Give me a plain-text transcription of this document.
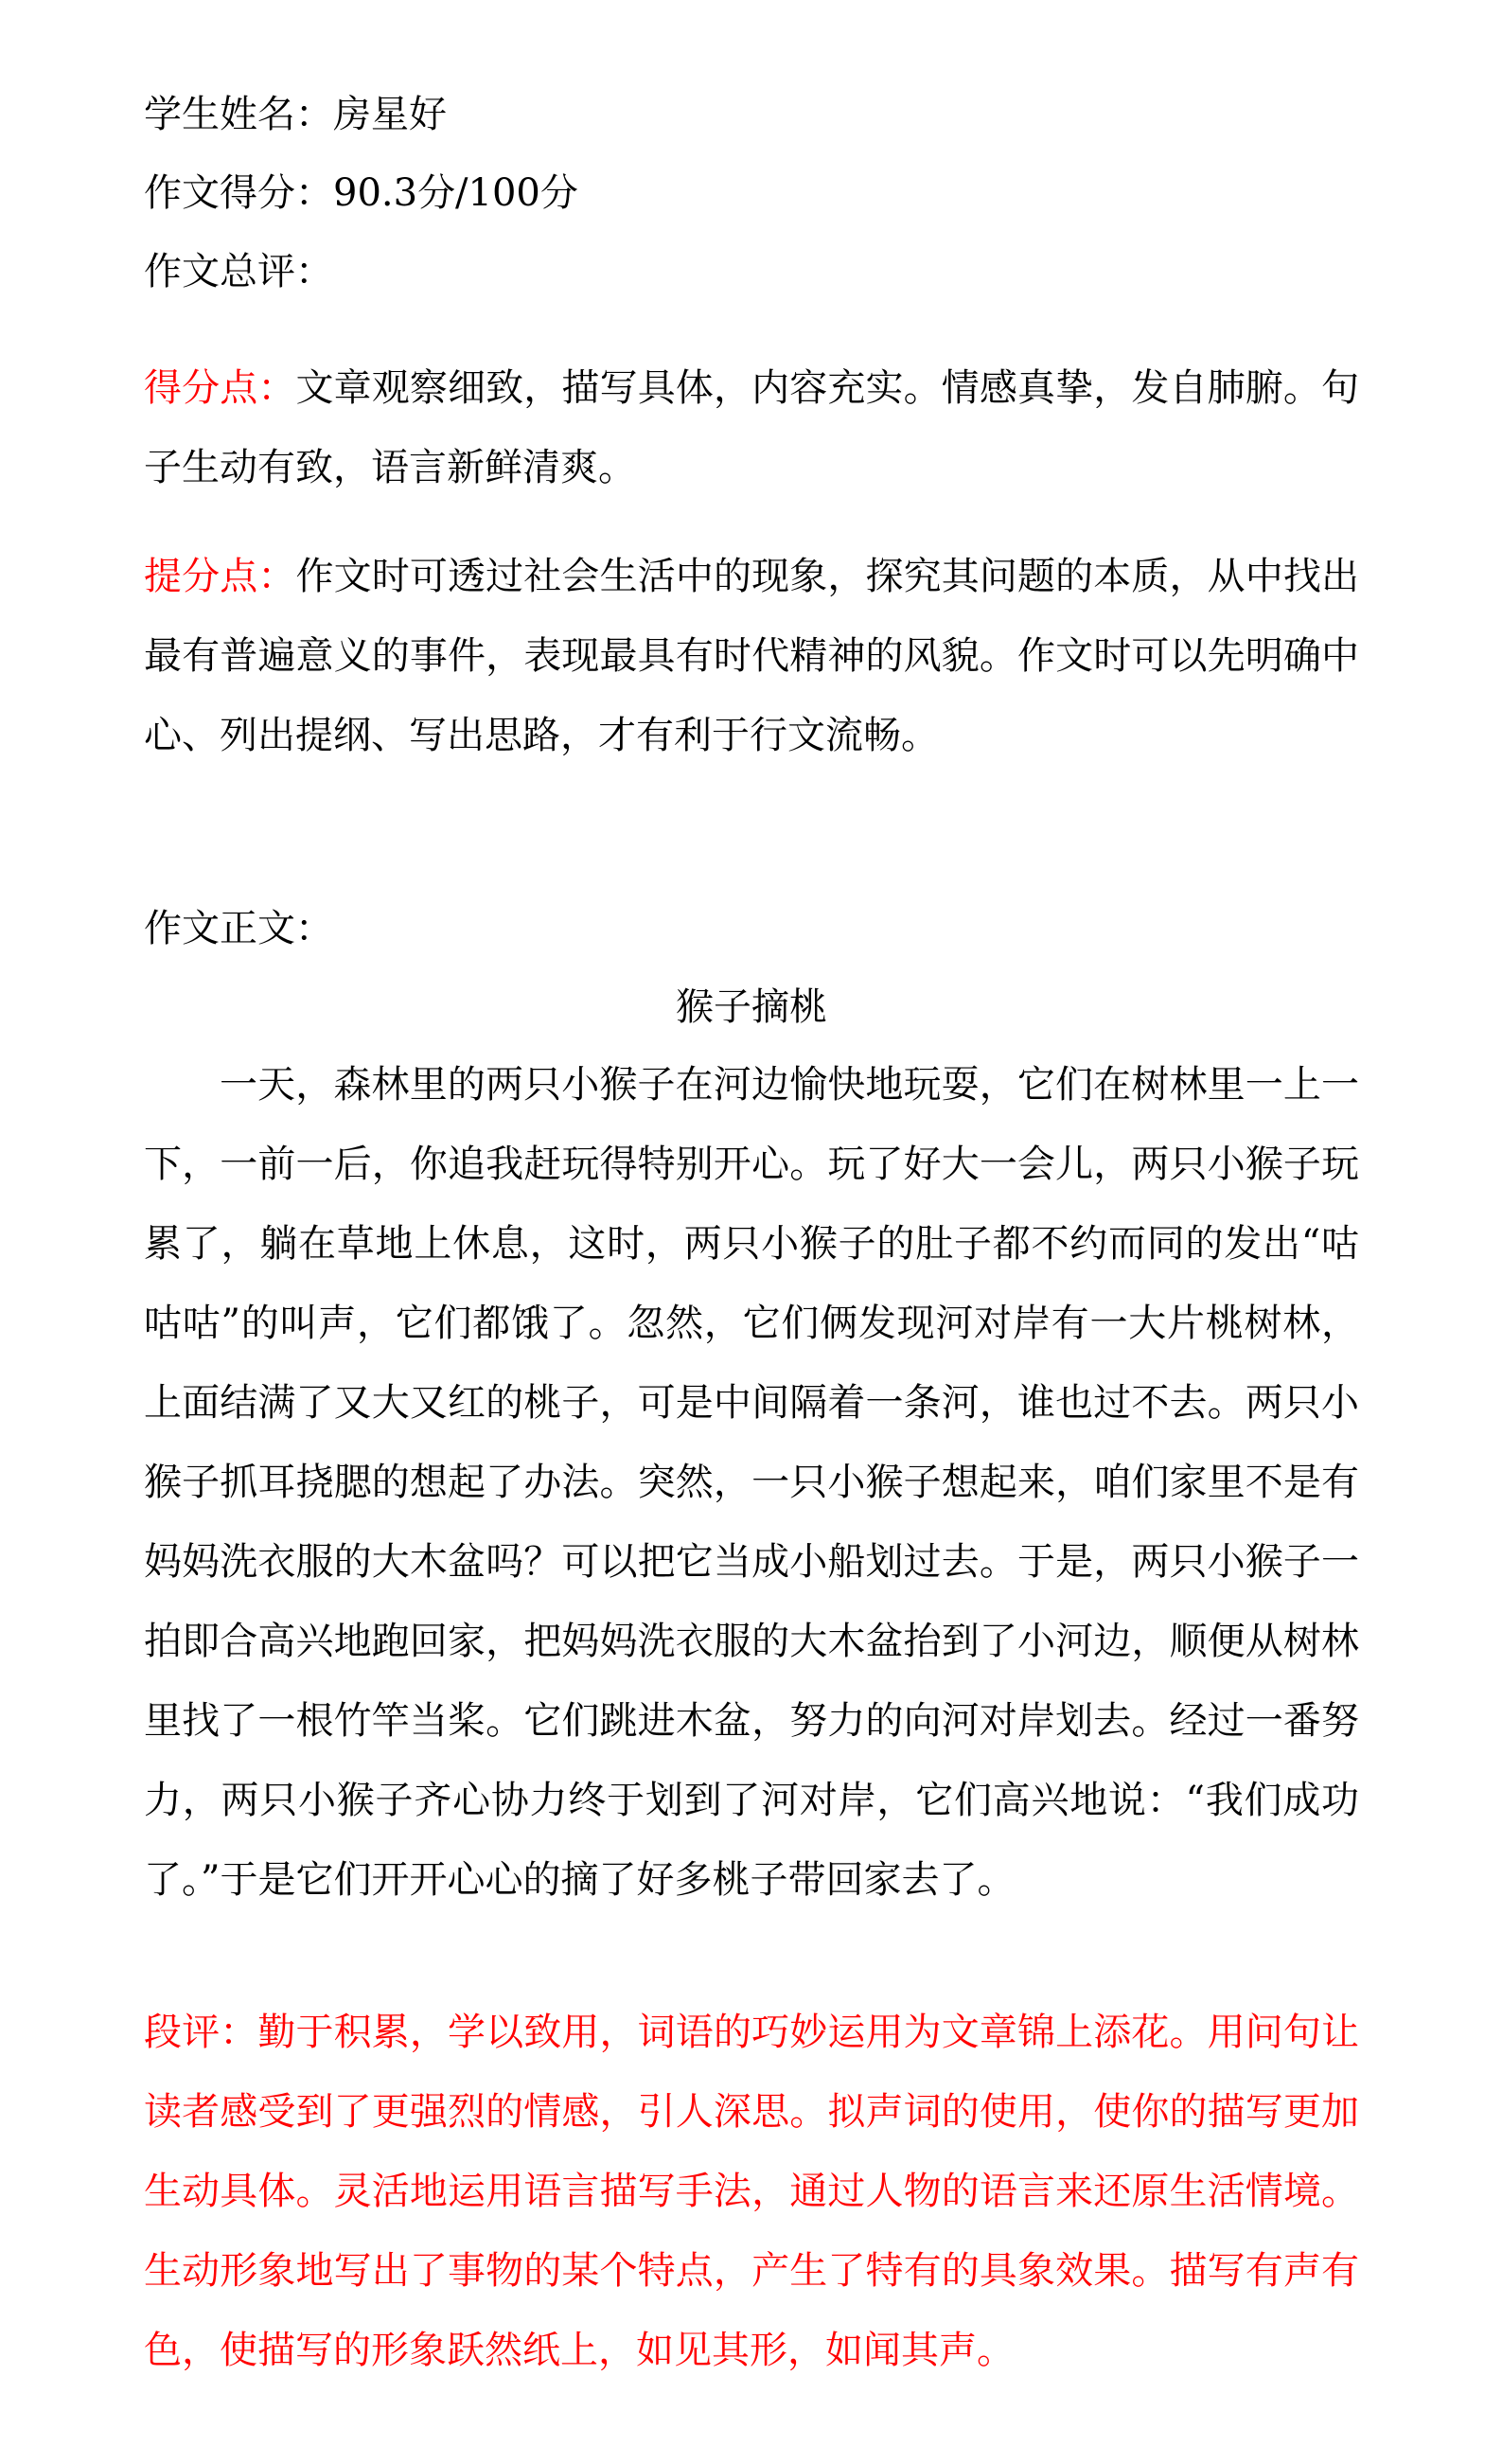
学生姓名：房星好
作文得分：90.3分/100分
作文总评：
得分点：文章观察细致，描写具体，内容充实。情感真挚，发自肺腑。句子生动有致，语言新鲜清爽。
提分点：作文时可透过社会生活中的现象，探究其问题的本质，从中找出最有普遍意义的事件，表现最具有时代精神的风貌。作文时可以先明确中心、列出提纲、写出思路，才有利于行文流畅。
作文正文：
猴子摘桃
一天，森林里的两只小猴子在河边愉快地玩耍，它们在树林里一上一下，一前一后，你追我赶玩得特别开心。玩了好大一会儿，两只小猴子玩累了，躺在草地上休息，这时，两只小猴子的肚子都不约而同的发出“咕咕咕”的叫声，它们都饿了。忽然，它们俩发现河对岸有一大片桃树林，上面结满了又大又红的桃子，可是中间隔着一条河，谁也过不去。两只小猴子抓耳挠腮的想起了办法。突然，一只小猴子想起来，咱们家里不是有妈妈洗衣服的大木盆吗？可以把它当成小船划过去。于是，两只小猴子一拍即合高兴地跑回家，把妈妈洗衣服的大木盆抬到了小河边，顺便从树林里找了一根竹竿当桨。它们跳进木盆，努力的向河对岸划去。经过一番努力，两只小猴子齐心协力终于划到了河对岸，它们高兴地说：“我们成功了。”于是它们开开心心的摘了好多桃子带回家去了。
段评：勤于积累，学以致用，词语的巧妙运用为文章锦上添花。用问句让读者感受到了更强烈的情感，引人深思。拟声词的使用，使你的描写更加生动具体。灵活地运用语言描写手法，通过人物的语言来还原生活情境。生动形象地写出了事物的某个特点，产生了特有的具象效果。描写有声有色，使描写的形象跃然纸上，如见其形，如闻其声。
